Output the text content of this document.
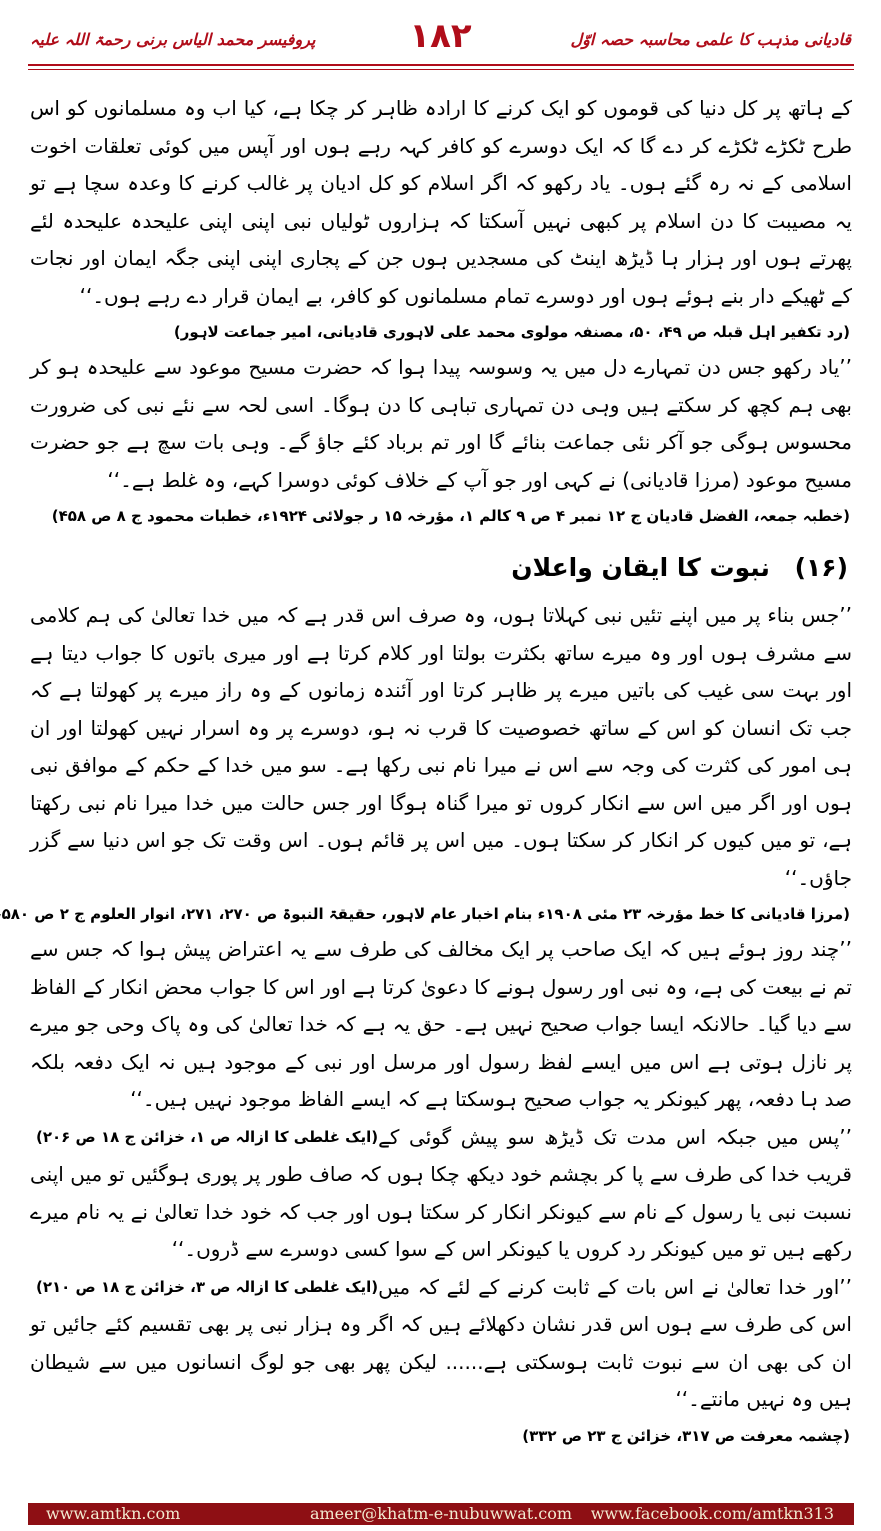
قادیانی مذہب کا علمی محاسبہ حصہ اوّل
١٨٢
پروفیسر محمد الیاس برنی رحمۃ اللہ علیہ

کے ہاتھ پر کل دنیا کی قوموں کو ایک کرنے کا ارادہ ظاہر کر چکا ہے، کیا اب وہ مسلمانوں کو اس طرح ٹکڑے ٹکڑے کر دے گا کہ ایک دوسرے کو کافر کہہ رہے ہوں اور آپس میں کوئی تعلقات اخوت اسلامی کے نہ رہ گئے ہوں۔ یاد رکھو کہ اگر اسلام کو کل ادیان پر غالب کرنے کا وعدہ سچا ہے تو یہ مصیبت کا دن اسلام پر کبھی نہیں آسکتا کہ ہزاروں ٹولیاں نبی اپنی اپنی علیحدہ علیحدہ لئے پھرتے ہوں اور ہزار ہا ڈیڑھ اینٹ کی مسجدیں ہوں جن کے پجاری اپنی اپنی جگہ ایمان اور نجات کے ٹھیکے دار بنے ہوئے ہوں اور دوسرے تمام مسلمانوں کو کافر، بے ایمان قرار دے رہے ہوں۔‘‘

(رد تکفیر اہل قبلہ ص ۴۹، ۵۰، مصنفہ مولوی محمد علی لاہوری قادیانی، امیر جماعت لاہور)

’’یاد رکھو جس دن تمہارے دل میں یہ وسوسہ پیدا ہوا کہ حضرت مسیح موعود سے علیحدہ ہو کر بھی ہم کچھ کر سکتے ہیں وہی دن تمہاری تباہی کا دن ہوگا۔ اسی لحہ سے نئے نبی کی ضرورت محسوس ہوگی جو آکر نئی جماعت بنائے گا اور تم برباد کئے جاؤ گے۔ وہی بات سچ ہے جو حضرت مسیح موعود (مرزا قادیانی) نے کہی اور جو آپ کے خلاف کوئی دوسرا کہے، وہ غلط ہے۔‘‘

(خطبہ جمعہ، الفضل قادیان ج ۱۲ نمبر ۴ ص ۹ کالم ۱، مؤرخہ ۱۵ ر جولائی ۱۹۲۴ء، خطبات محمود ج ۸ ص ۴۵۸)

(۱۶) نبوت کا ایقان واعلان

’’جس بناء پر میں اپنے تئیں نبی کہلاتا ہوں، وہ صرف اس قدر ہے کہ میں خدا تعالیٰ کی ہم کلامی سے مشرف ہوں اور وہ میرے ساتھ بکثرت بولتا اور کلام کرتا ہے اور میری باتوں کا جواب دیتا ہے اور بہت سی غیب کی باتیں میرے پر ظاہر کرتا اور آئندہ زمانوں کے وہ راز میرے پر کھولتا ہے کہ جب تک انسان کو اس کے ساتھ خصوصیت کا قرب نہ ہو، دوسرے پر وہ اسرار نہیں کھولتا اور ان ہی امور کی کثرت کی وجہ سے اس نے میرا نام نبی رکھا ہے۔ سو میں خدا کے حکم کے موافق نبی ہوں اور اگر میں اس سے انکار کروں تو میرا گناہ ہوگا اور جس حالت میں خدا میرا نام نبی رکھتا ہے، تو میں کیوں کر انکار کر سکتا ہوں۔ میں اس پر قائم ہوں۔ اس وقت تک جو اس دنیا سے گزر جاؤں۔‘‘

(مرزا قادیانی کا خط مؤرخہ ۲۳ مئی ۱۹۰۸ء بنام اخبار عام لاہور، حقیقۃ النبوۃ ص ۲۷۰، ۲۷۱، انوار العلوم ج ۲ ص ۵۸۰

’’چند روز ہوئے ہیں کہ ایک صاحب پر ایک مخالف کی طرف سے یہ اعتراض پیش ہوا کہ جس سے تم نے بیعت کی ہے، وہ نبی اور رسول ہونے کا دعویٰ کرتا ہے اور اس کا جواب محض انکار کے الفاظ سے دیا گیا۔ حالانکہ ایسا جواب صحیح نہیں ہے۔ حق یہ ہے کہ خدا تعالیٰ کی وہ پاک وحی جو میرے پر نازل ہوتی ہے اس میں ایسے لفظ رسول اور مرسل اور نبی کے موجود ہیں نہ ایک دفعہ بلکہ صد ہا دفعہ، پھر کیونکر یہ جواب صحیح ہوسکتا ہے کہ ایسے الفاظ موجود نہیں ہیں۔‘‘
(ایک غلطی کا ازالہ ص ۱، خزائن ج ۱۸ ص ۲۰۶) ’’پس میں جبکہ اس مدت تک ڈیڑھ سو پیش گوئی کے قریب خدا کی طرف سے پا کر بچشم خود دیکھ چکا ہوں کہ صاف طور پر پوری ہوگئیں تو میں اپنی نسبت نبی یا رسول کے نام سے کیونکر انکار کر سکتا ہوں اور جب کہ خود خدا تعالیٰ نے یہ نام میرے رکھے ہیں تو میں کیونکر رد کروں یا کیونکر اس کے سوا کسی دوسرے سے ڈروں۔‘‘
(ایک غلطی کا ازالہ ص ۳، خزائن ج ۱۸ ص ۲۱۰) ’’اور خدا تعالیٰ نے اس بات کے ثابت کرنے کے لئے کہ میں اس کی طرف سے ہوں اس قدر نشان دکھلائے ہیں کہ اگر وہ ہزار نبی پر بھی تقسیم کئے جائیں تو ان کی بھی ان سے نبوت ثابت ہوسکتی ہے...... لیکن پھر بھی جو لوگ انسانوں میں سے شیطان ہیں وہ نہیں مانتے۔‘‘

(چشمہ معرفت ص ۳۱۷، خزائن ج ۲۳ ص ۳۳۲)

www.amtkn.com	ameer@khatm-e-nubuwwat.com	www.facebook.com/amtkn313
